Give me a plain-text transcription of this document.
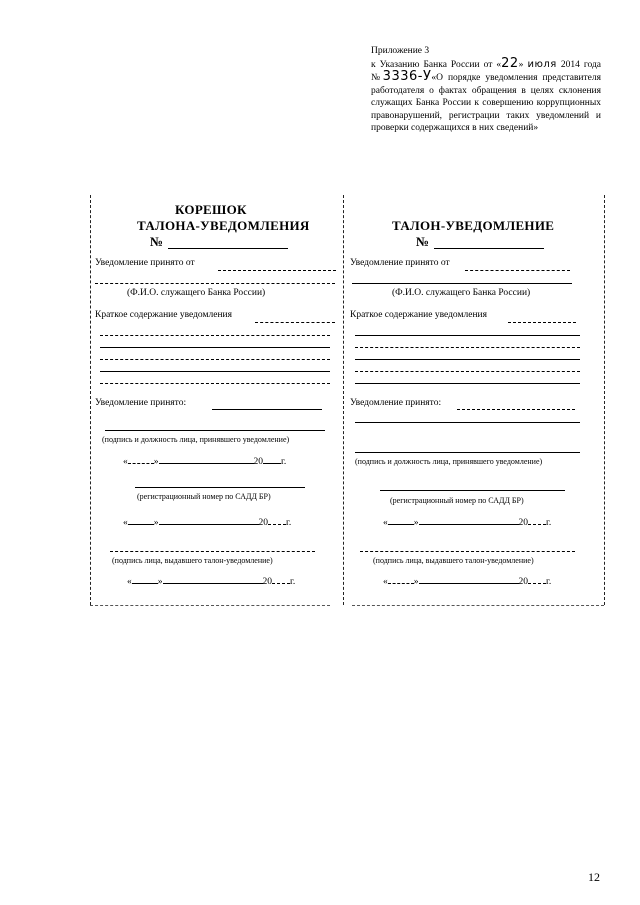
Приложение 3
к Указанию Банка России от «22» июля 2014 года №3336-У«О порядке уведомления представителя работодателя о фактах обращения в целях склонения служащих Банка России к совершению коррупционных правонарушений, регистрации таких уведомлений и проверки содержащихся в них сведений»
КОРЕШОК
ТАЛОНА-УВЕДОМЛЕНИЯ
№
Уведомление принято от
(Ф.И.О. служащего Банка России)
Краткое содержание уведомления
Уведомление принято:
(подпись и должность лица, принявшего уведомление)
«	»	20 г.
(регистрационный номер по САДД БР)
«	»	20 г.
(подпись лица, выдавшего талон-уведомление)
«	»	20 г.
ТАЛОН-УВЕДОМЛЕНИЕ
№
Уведомление принято от
(Ф.И.О. служащего Банка России)
Краткое содержание уведомления
Уведомление принято:
(подпись и должность лица, принявшего уведомление)
(регистрационный номер по САДД БР)
«	»	20 г.
(подпись лица, выдавшего талон-уведомление)
«	»	20 г.
12
